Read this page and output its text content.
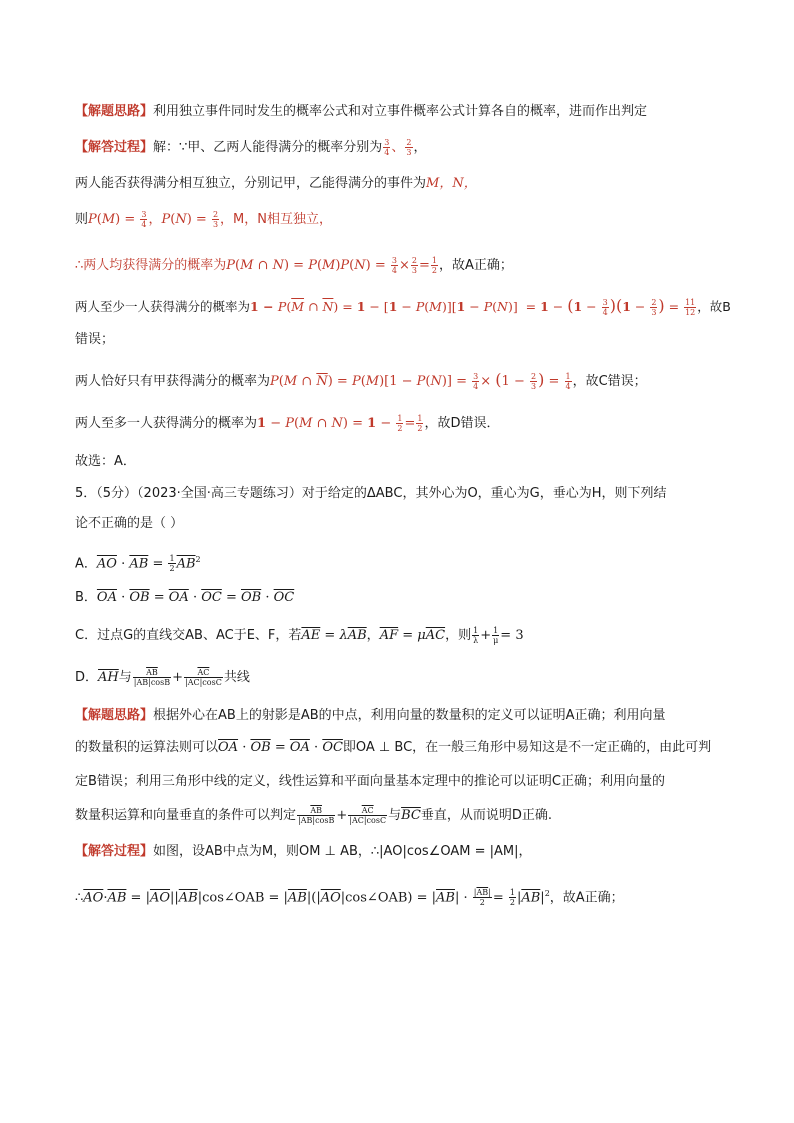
【解题思路】利用独立事件同时发生的概率公式和对立事件概率公式计算各自的概率，进而作出判定
【解答过程】解：∵甲、乙两人能得满分的概率分别为 $\frac{3}{4}$ 、 $\frac{2}{3}$ ，
两人能否获得满分相互独立，分别记甲，乙能得满分的事件为M，N，
则$P(M) = \frac{3}{4}$ ，$P(N) = \frac{2}{3}$ ，M，N相互独立，
∴两人均获得满分的概率为P(M ∩ $N) = P(M)P(N) = \frac{3}{4} \times \frac{2}{3} = \frac{1}{2}$ ，故A正确；
两人至少一人获得满分的概率为$1 - P(\overline{M}$ ∩ $\overline{N}) = 1 - [1 - P(M)][1 - P(N)] = 1 - (1 - \frac{3}{4} )(1 - \frac{2}{3}$ ) = $\frac{11}{12}$ ，故B
错误；
两人恰好只有甲获得满分的概率为P(M ∩ $\overline{N}) = P(M)[1 - P(N)] = \frac{3}{4} \times (1 - \frac{2}{3}$ ) = $\frac{1}{4}$ ，故C错误；
两人至多一人获得满分的概率为1 − P(M ∩ $N) = 1 - \frac{1}{2} = \frac{1}{2}$ ，故D错误．
故选：A．
5．（5分）（2023·全国·高三专题练习）对于给定的ΔABC，其外心为O，重心为G，垂心为H，则下列结
论不正确的是（ ）
A．$\overline{AO} \cdot \overline{AB} = \frac{1}{2} \overline{AB}^2$
B．$\overline{OA} \cdot \overline{OB} = \overline{OA} \cdot \overline{OC} = \overline{OB} \cdot \overline{OC}$
C．过点G的直线交AB、AC于E、F，若$\overline{AE} = \lambda\overline{AB}$，$\overline{AF} = \mu\overline{AC}$，则 $\frac{1}{\lambda} + \frac{1}{\mu} = 3$
D．$\overline{AH}$与 $\frac{\overline{AB}}{|AB|\cos B} + \frac{\overline{AC}}{|AC|\cos C}$ 共线
【解题思路】根据外心在AB上的射影是AB的中点，利用向量的数量积的定义可以证明A正确；利用向量
的数量积的运算法则可以$\overline{OA} \cdot \overline{OB} = \overline{OA} \cdot \overline{OC}$即OA ⊥ BC，在一般三角形中易知这是不一定正确的，由此可判
定B错误；利用三角形中线的定义，线性运算和平面向量基本定理中的推论可以证明C正确；利用向量的
数量积运算和向量垂直的条件可以判定 $\frac{\overline{AB}}{|AB|\cos B} + \frac{\overline{AC}}{|AC|\cos C}$ 与$\overline{BC}$垂直，从而说明D正确.
【解答过程】如图，设AB中点为M，则OM ⊥ AB，∴|AO|cos∠OAM = |AM|，
$\therefore\overline{AO}\cdot\overline{AB}$ = $|\overline{AO}||\overline{AB}|\cos\angle OAB$ = $|\overline{AB}|(|\overline{AO}|\cos\angle OAB) = |\overline{AB}| \cdot \frac{|\overline{AB}|}{2} = \frac{1}{2} |\overline{AB}|^2$，故A正确；
